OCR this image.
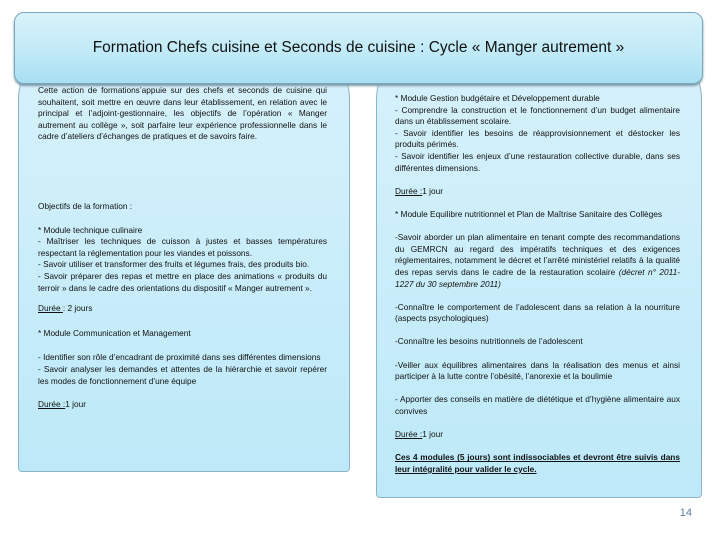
Formation Chefs cuisine et Seconds de cuisine : Cycle « Manger autrement »

Cette action de formations’appuie sur des chefs et seconds de cuisine qui souhaitent, soit mettre en œuvre dans leur établissement, en relation avec le principal et l’adjoint-gestionnaire, les objectifs de l’opération « Manger autrement au collège », soit parfaire leur expérience professionnelle dans le cadre d’ateliers d’échanges de pratiques et de savoirs faire.

Objectifs de la formation :

* Module technique culinaire

- Maîtriser les techniques de cuisson à justes et basses températures respectant la réglementation pour les viandes et poissons.

- Savoir utiliser et transformer des fruits et légumes frais, des produits bio.

- Savoir préparer des repas et mettre en place des animations « produits du terroir » dans le cadre des orientations du dispositif « Manger autrement ».

Durée : 2 jours

* Module Communication et Management

- Identifier son rôle d’encadrant de proximité dans ses différentes dimensions

- Savoir analyser les demandes et attentes de la hiérarchie et savoir repérer les modes de fonctionnement d’une équipe

Durée :1 jour

* Module Gestion budgétaire et Développement durable

- Comprendre la construction et le fonctionnement d’un budget alimentaire dans un établissement scolaire.

- Savoir identifier les besoins de réapprovisionnement et déstocker les produits périmés.

- Savoir identifier les enjeux d’une restauration collective durable, dans ses différentes dimensions.

Durée :1 jour

* Module Equilibre nutritionnel et Plan de Maîtrise Sanitaire des Collèges

-Savoir aborder un plan alimentaire en tenant compte des recommandations du GEMRCN au regard des impératifs techniques et des exigences réglementaires, notamment le décret et l’arrêté ministériel relatifs à la qualité des repas servis dans le cadre de la restauration scolaire (décret n° 2011-1227 du 30 septembre 2011)

-Connaître le comportement de l’adolescent dans sa relation à la nourriture (aspects psychologiques)

-Connaître les besoins nutritionnels de l’adolescent

-Veiller aux équilibres alimentaires dans la réalisation des menus et ainsi participer à la lutte contre l’obésité, l’anorexie et la boulimie

- Apporter des conseils en matière de diététique et d’hygiène alimentaire aux convives

Durée :1 jour

Ces 4 modules (5 jours) sont indissociables et devront être suivis dans leur intégralité pour valider le cycle.

14
